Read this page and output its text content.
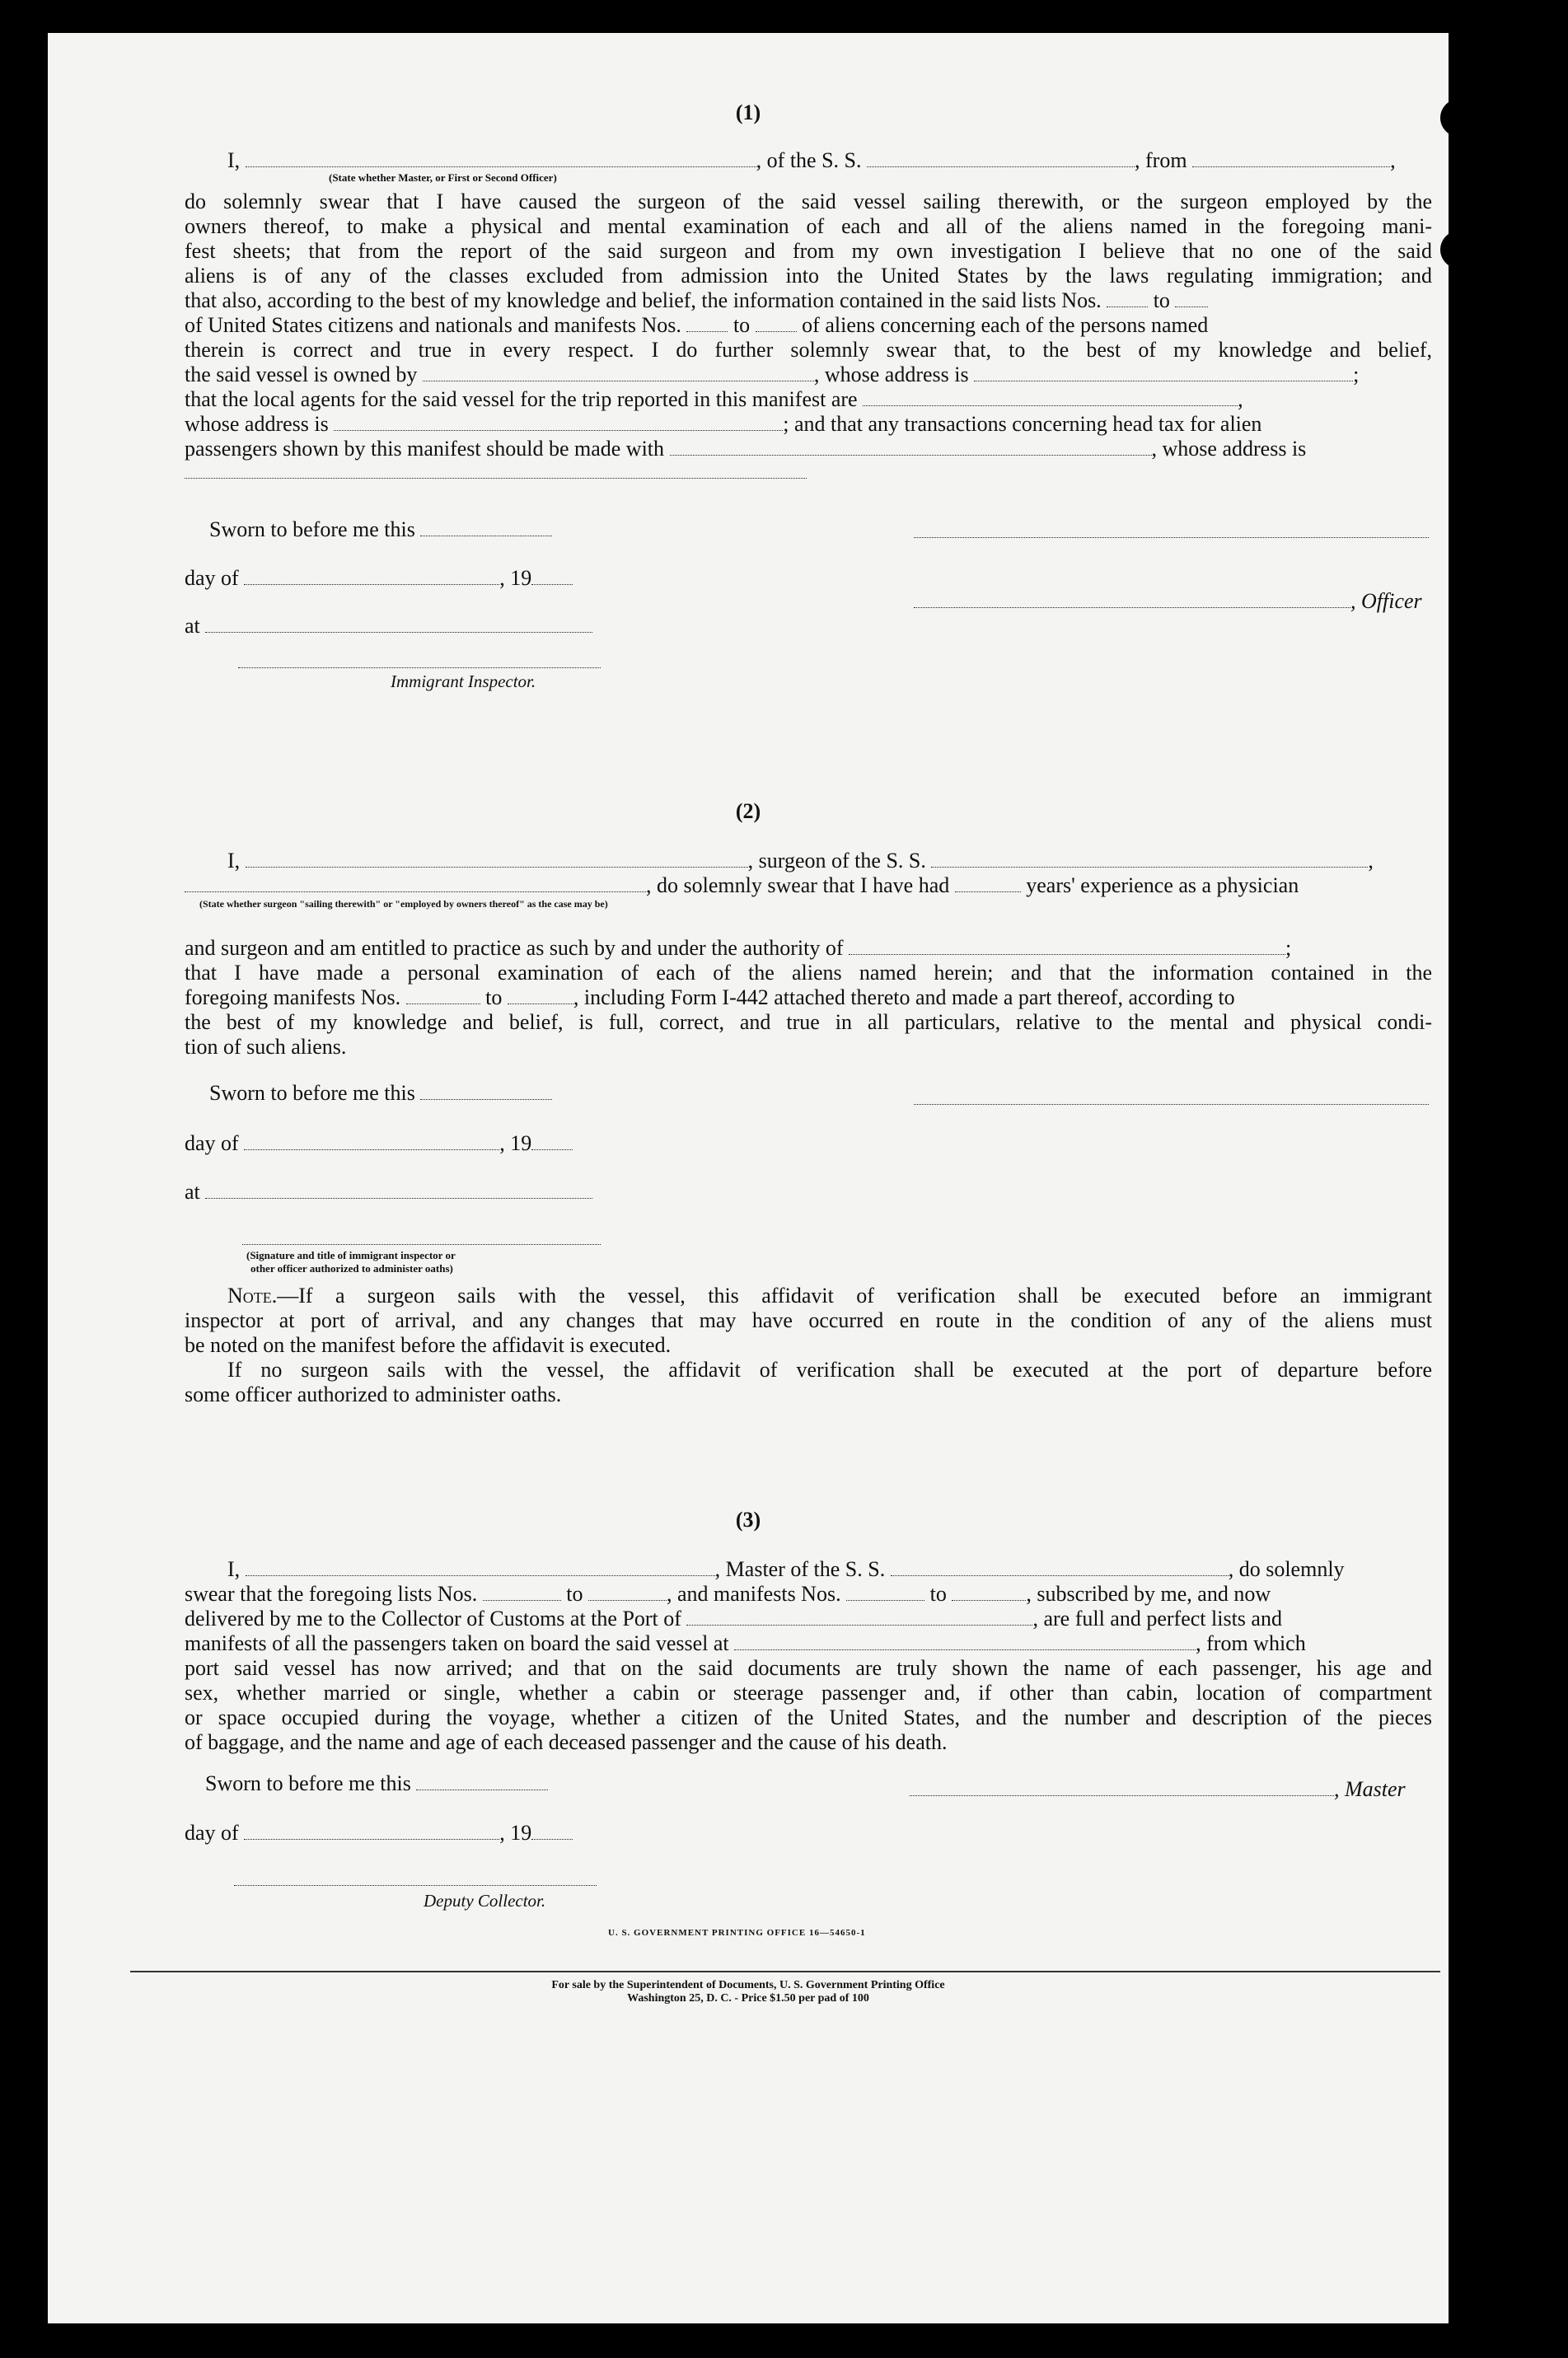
(1)
I,	, of the S. S.	, from	,
(State whether Master, or First or Second Officer)
do solemnly swear that I have caused the surgeon of the said vessel sailing therewith, or the surgeon employed by the
owners thereof, to make a physical and mental examination of each and all of the aliens named in the foregoing mani-
fest sheets; that from the report of the said surgeon and from my own investigation I believe that no one of the said
aliens is of any of the classes excluded from admission into the United States by the laws regulating immigration; and
that also, according to the best of my knowledge and belief, the information contained in the said lists Nos. to
of United States citizens and nationals and manifests Nos. to of aliens concerning each of the persons named
therein is correct and true in every respect. I do further solemnly swear that, to the best of my knowledge and belief,
the said vessel is owned by	, whose address is	;
that the local agents for the said vessel for the trip reported in this manifest are	,
whose address is	; and that any transactions concerning head tax for alien
passengers shown by this manifest should be made with	, whose address is
Sworn to before me this
day of	, 19
, Officer
at
Immigrant Inspector.
(2)
I,	, surgeon of the S. S.	,
, do solemnly swear that I have had	years' experience as a physician
(State whether surgeon "sailing therewith" or "employed by owners thereof" as the case may be)
and surgeon and am entitled to practice as such by and under the authority of	;
that I have made a personal examination of each of the aliens named herein; and that the information contained in the
foregoing manifests Nos.	to	, including Form I-442 attached thereto and made a part thereof, according to
the best of my knowledge and belief, is full, correct, and true in all particulars, relative to the mental and physical condi-
tion of such aliens.
Sworn to before me this
day of	, 19
at
(Signature and title of immigrant inspector or
other officer authorized to administer oaths)
Note.—If a surgeon sails with the vessel, this affidavit of verification shall be executed before an immigrant
inspector at port of arrival, and any changes that may have occurred en route in the condition of any of the aliens must
be noted on the manifest before the affidavit is executed.
If no surgeon sails with the vessel, the affidavit of verification shall be executed at the port of departure before
some officer authorized to administer oaths.
(3)
I,	, Master of the S. S.	, do solemnly
swear that the foregoing lists Nos.	to	, and manifests Nos.	to	, subscribed by me, and now
delivered by me to the Collector of Customs at the Port of	, are full and perfect lists and
manifests of all the passengers taken on board the said vessel at	, from which
port said vessel has now arrived; and that on the said documents are truly shown the name of each passenger, his age and
sex, whether married or single, whether a cabin or steerage passenger and, if other than cabin, location of compartment
or space occupied during the voyage, whether a citizen of the United States, and the number and description of the pieces
of baggage, and the name and age of each deceased passenger and the cause of his death.
Sworn to before me this	, Master
day of	, 19
Deputy Collector.
U. S. GOVERNMENT PRINTING OFFICE 16—54650-1
For sale by the Superintendent of Documents, U. S. Government Printing Office
Washington 25, D. C. - Price $1.50 per pad of 100
